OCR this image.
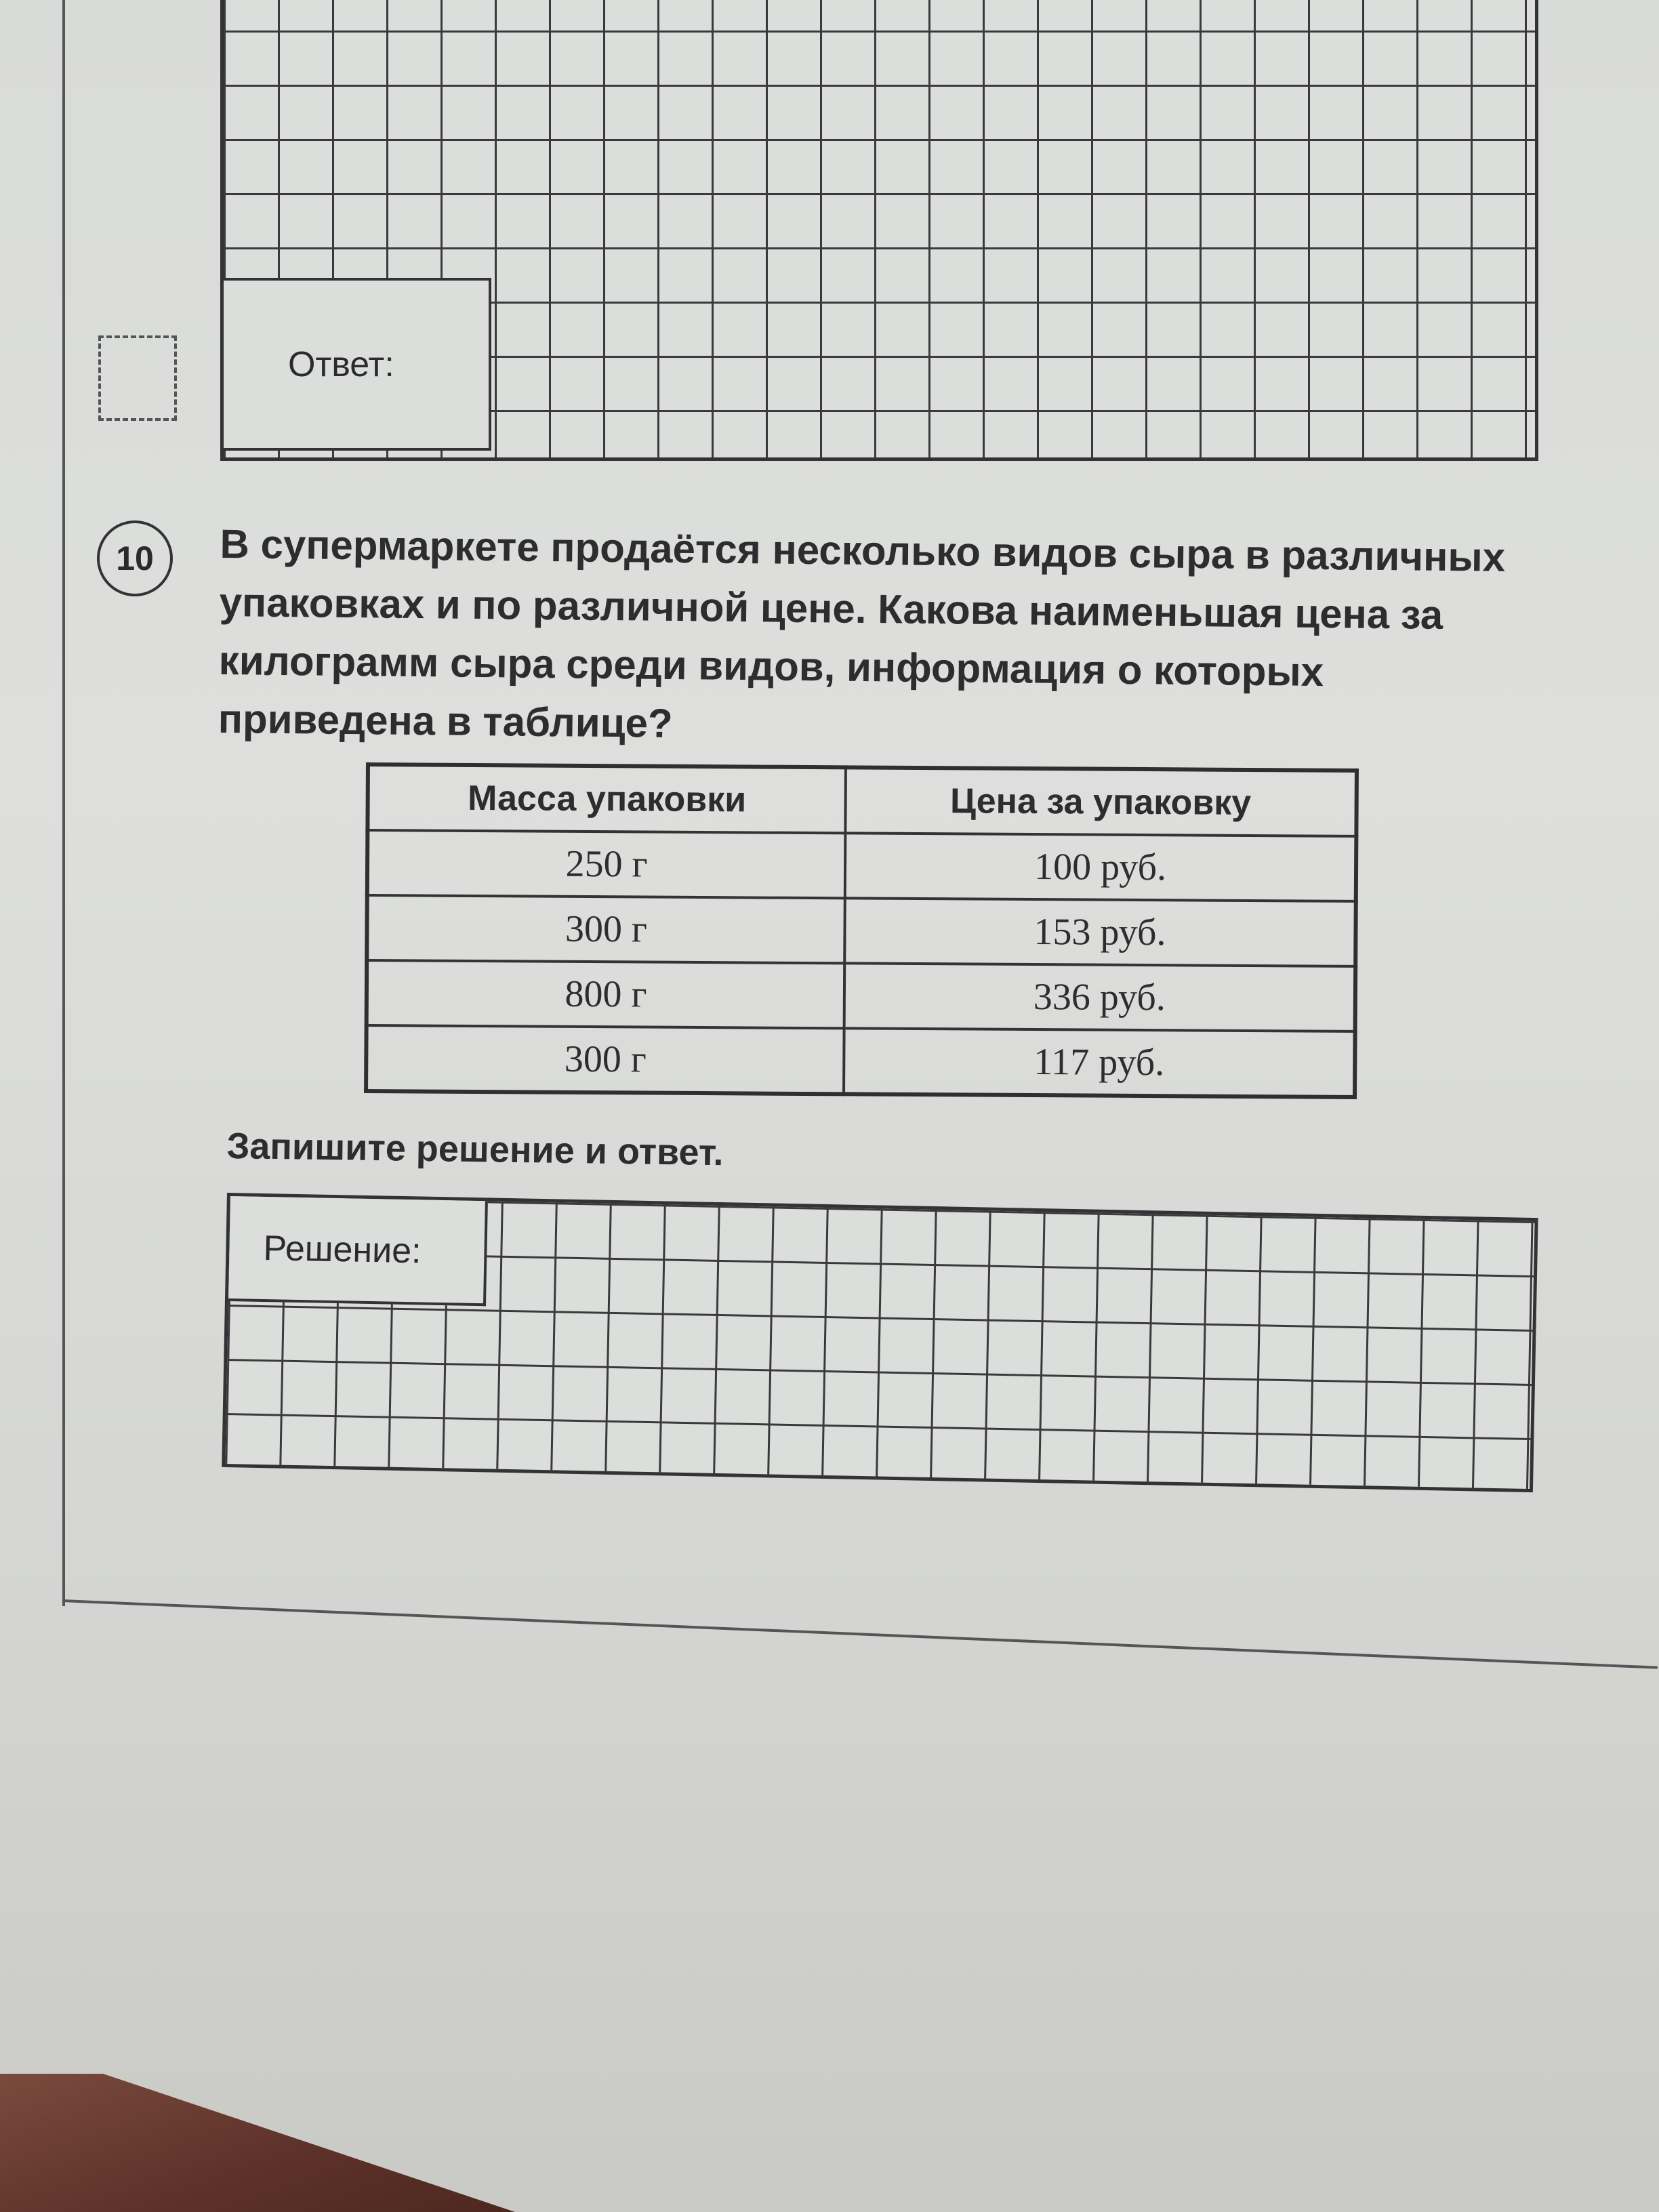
Ответ:
10 В супермаркете продаётся несколько видов сыра в различных упаковках и по различной цене. Какова наименьшая цена за килограмм сыра среди видов, информация о которых приведена в таблице?
Масса упаковки	Цена за упаковку
250 г	100 руб.
300 г	153 руб.
800 г	336 руб.
300 г	117 руб.
Запишите решение и ответ.
Решение:
